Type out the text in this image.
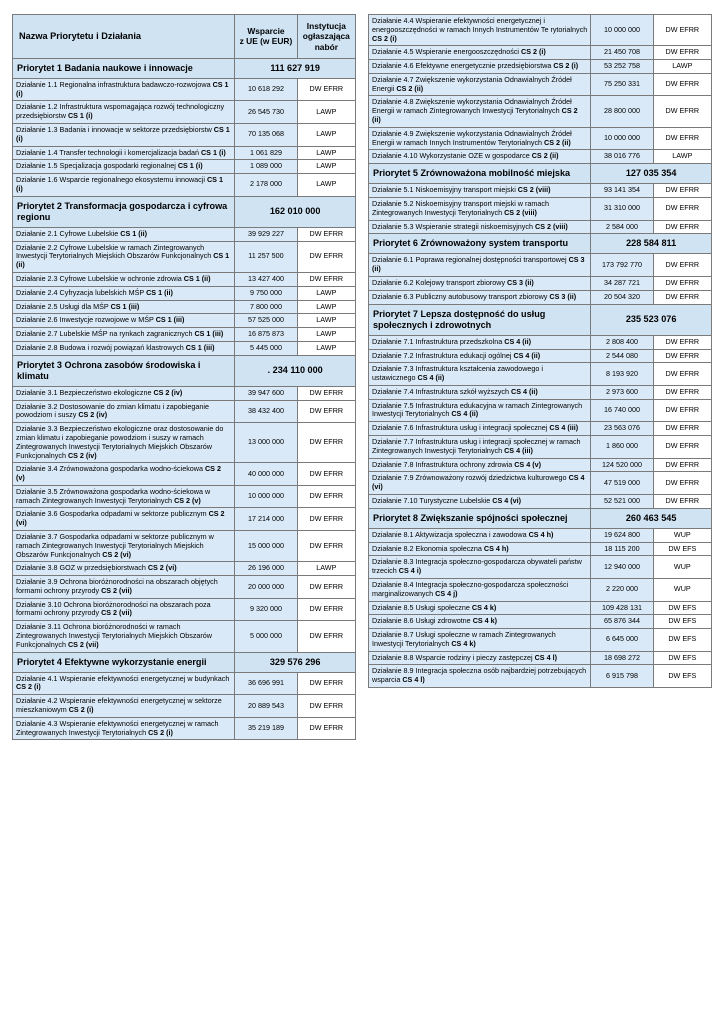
Nazwa Priorytetu i Działania	Wsparcie
z UE (w EUR)	Instytucja
ogłaszająca
nabór
Priorytet 1 Badania naukowe i innowacje	111 627 919	
Działanie 1.1 Regionalna infrastruktura badawczo-rozwojowa CS 1 (i)	10 618 292	DW EFRR
Działanie 1.2 Infrastruktura wspomagająca rozwój technologiczny przedsiębiorstw CS 1 (i)	26 545 730	LAWP
Działanie 1.3 Badania i innowacje w sektorze przedsiębiorstw CS 1 (i)	70 135 068	LAWP
Działanie 1.4 Transfer technologii i komercjalizacja badań CS 1 (i)	1 061 829	LAWP
Działanie 1.5 Specjalizacja gospodarki regionalnej CS 1 (i)	1 089 000	LAWP
Działanie 1.6 Wsparcie regionalnego ekosystemu innowacji CS 1 (i)	2 178 000	LAWP
Priorytet 2 Transformacja gospodarcza i cyfrowa regionu	162 010 000	
Działanie 2.1 Cyfrowe Lubelskie CS 1 (ii)	39 929 227	DW EFRR
Działanie 2.2 Cyfrowe Lubelskie w ramach Zintegrowanych Inwestycji Terytorialnych Miejskich Obszarów Funkcjonalnych CS 1 (ii)	11 257 500	DW EFRR
Działanie 2.3 Cyfrowe Lubelskie w ochronie zdrowia CS 1 (ii)	13 427 400	DW EFRR
Działanie 2.4 Cyfryzacja lubelskich MŚP CS 1 (ii)	9 750 000	LAWP
Działanie 2.5 Usługi dla MŚP CS 1 (iii)	7 800 000	LAWP
Działanie 2.6 Inwestycje rozwojowe w MŚP CS 1 (iii)	57 525 000	LAWP
Działanie 2.7 Lubelskie MŚP na rynkach zagranicznych CS 1 (iii)	16 875 873	LAWP
Działanie 2.8 Budowa i rozwój powiązań klastrowych CS 1 (iii)	5 445 000	LAWP
Priorytet 3 Ochrona zasobów środowiska i klimatu	. 234 110 000	
Działanie 3.1 Bezpieczeństwo ekologiczne CS 2 (iv)	39 947 600	DW EFRR
Działanie 3.2 Dostosowanie do zmian klimatu i zapobieganie powodziom i suszy CS 2 (iv)	38 432 400	DW EFRR
Działanie 3.3 Bezpieczeństwo ekologiczne oraz dostosowanie do zmian klimatu i zapobieganie powodziom i suszy w ramach Zintegrowanych Inwestycji Terytorialnych Miejskich Obszarów Funkcjonalnych CS 2 (iv)	13 000 000	DW EFRR
Działanie 3.4 Zrównoważona gospodarka wodno-ściekowa CS 2 (v)	40 000 000	DW EFRR
Działanie 3.5 Zrównoważona gospodarka wodno-ściekowa w ramach Zintegrowanych Inwestycji Terytorialnych CS 2 (v)	10 000 000	DW EFRR
Działanie 3.6 Gospodarka odpadami w sektorze publicznym CS 2 (vi)	17 214 000	DW EFRR
Działanie 3.7 Gospodarka odpadami w sektorze publicznym w ramach Zintegrowanych Inwestycji Terytorialnych Miejskich Obszarów Funkcjonalnych CS 2 (vi)	15 000 000	DW EFRR
Działanie 3.8 GOZ w przedsiębiorstwach CS 2 (vi)	26 196 000	LAWP
Działanie 3.9 Ochrona bioróżnorodności na obszarach objętych formami ochrony przyrody CS 2 (vii)	20 000 000	DW EFRR
Działanie 3.10 Ochrona bioróżnorodności na obszarach poza formami ochrony przyrody CS 2 (vii)	9 320 000	DW EFRR
Działanie 3.11 Ochrona bioróżnorodności w ramach Zintegrowanych Inwestycji Terytorialnych Miejskich Obszarów Funkcjonalnych CS 2 (vii)	5 000 000	DW EFRR
Priorytet 4 Efektywne wykorzystanie energii	329 576 296	
Działanie 4.1 Wspieranie efektywności energetycznej w budynkach CS 2 (i)	36 696 991	DW EFRR
Działanie 4.2 Wspieranie efektywności energetycznej w sektorze mieszkaniowym CS 2 (i)	20 889 543	DW EFRR
Działanie 4.3 Wspieranie efektywności energetycznej w ramach Zintegrowanych Inwestycji Terytorialnych CS 2 (i)	35 219 189	DW EFRR
Działanie 4.4 Wspieranie efektywności energetycznej i energooszczędności w ramach Innych Instrumentów Te rytorialnych CS 2 (i)	10 000 000	DW EFRR
Działanie 4.5 Wspieranie energooszczędności CS 2 (i)	21 450 708	DW EFRR
Działanie 4.6 Efektywne energetycznie przedsiębiorstwa CS 2 (i)	53 252 758	LAWP
Działanie 4.7 Zwiększenie wykorzystania Odnawialnych Źródeł Energii CS 2 (ii)	75 250 331	DW EFRR
Działanie 4.8 Zwiększenie wykorzystania Odnawialnych Źródeł Energii w ramach Zintegrowanych Inwestycji Terytorialnych CS 2 (ii)	28 800 000	DW EFRR
Działanie 4.9 Zwiększenie wykorzystania Odnawialnych Źródeł Energii w ramach Innych Instrumentów Terytorialnych CS 2 (ii)	10 000 000	DW EFRR
Działanie 4.10 Wykorzystanie OZE w gospodarce CS 2 (ii)	38 016 776	LAWP
Priorytet 5 Zrównoważona mobilność miejska	127 035 354	
Działanie 5.1 Niskoemisyjny transport miejski CS 2 (viii)	93 141 354	DW EFRR
Działanie 5.2 Niskoemisyjny transport miejski w ramach Zintegrowanych Inwestycji Terytorialnych CS 2 (viii)	31 310 000	DW EFRR
Działanie 5.3 Wspieranie strategii niskoemisyjnych CS 2 (viii)	2 584 000	DW EFRR
Priorytet 6 Zrównoważony system transportu	228 584 811	
Działanie 6.1 Poprawa regionalnej dostępności transportowej CS 3 (ii)	173 792 770	DW EFRR
Działanie 6.2 Kolejowy transport zbiorowy CS 3 (ii)	34 287 721	DW EFRR
Działanie 6.3 Publiczny autobusowy transport zbiorowy CS 3 (ii)	20 504 320	DW EFRR
Priorytet 7 Lepsza dostępność do usług społecznych i zdrowotnych	235 523 076	
Działanie 7.1 Infrastruktura przedszkolna CS 4 (ii)	2 808 400	DW EFRR
Działanie 7.2 Infrastruktura edukacji ogólnej CS 4 (ii)	2 544 080	DW EFRR
Działanie 7.3 Infrastruktura kształcenia zawodowego i ustawicznego CS 4 (ii)	8 193 920	DW EFRR
Działanie 7.4 Infrastruktura szkół wyższych CS 4 (ii)	2 973 600	DW EFRR
Działanie 7.5 Infrastruktura edukacyjna w ramach Zintegrowanych Inwestycji Terytorialnych CS 4 (ii)	16 740 000	DW EFRR
Działanie 7.6 Infrastruktura usług i integracji społecznej CS 4 (iii)	23 563 076	DW EFRR
Działanie 7.7 Infrastruktura usług i integracji społecznej w ramach Zintegrowanych Inwestycji Terytorialnych CS 4 (iii)	1 860 000	DW EFRR
Działanie 7.8 Infrastruktura ochrony zdrowia CS 4 (v)	124 520 000	DW EFRR
Działanie 7.9 Zrównoważony rozwój dziedzictwa kulturowego CS 4 (vi)	47 519 000	DW EFRR
Działanie 7.10 Turystyczne Lubelskie CS 4 (vi)	52 521 000	DW EFRR
Priorytet 8 Zwiększanie spójności społecznej	260 463 545	
Działanie 8.1 Aktywizacja społeczna i zawodowa CS 4 h)	19 624 800	WUP
Działanie 8.2 Ekonomia społeczna CS 4 h)	18 115 200	DW EFS
Działanie 8.3 Integracja społeczno-gospodarcza obywateli państw trzecich CS 4 i)	12 940 000	WUP
Działanie 8.4 Integracja społeczno-gospodarcza społeczności marginalizowanych CS 4 j)	2 220 000	WUP
Działanie 8.5 Usługi społeczne CS 4 k)	109 428 131	DW EFS
Działanie 8.6 Usługi zdrowotne CS 4 k)	65 876 344	DW EFS
Działanie 8.7 Usługi społeczne w ramach Zintegrowanych Inwestycji Terytorialnych CS 4 k)	6 645 000	DW EFS
Działanie 8.8 Wsparcie rodziny i pieczy zastępczej CS 4 l)	18 698 272	DW EFS
Działanie 8.9 Integracja społeczna osób najbardziej potrzebujących wsparcia CS 4 l)	6 915 798	DW EFS
